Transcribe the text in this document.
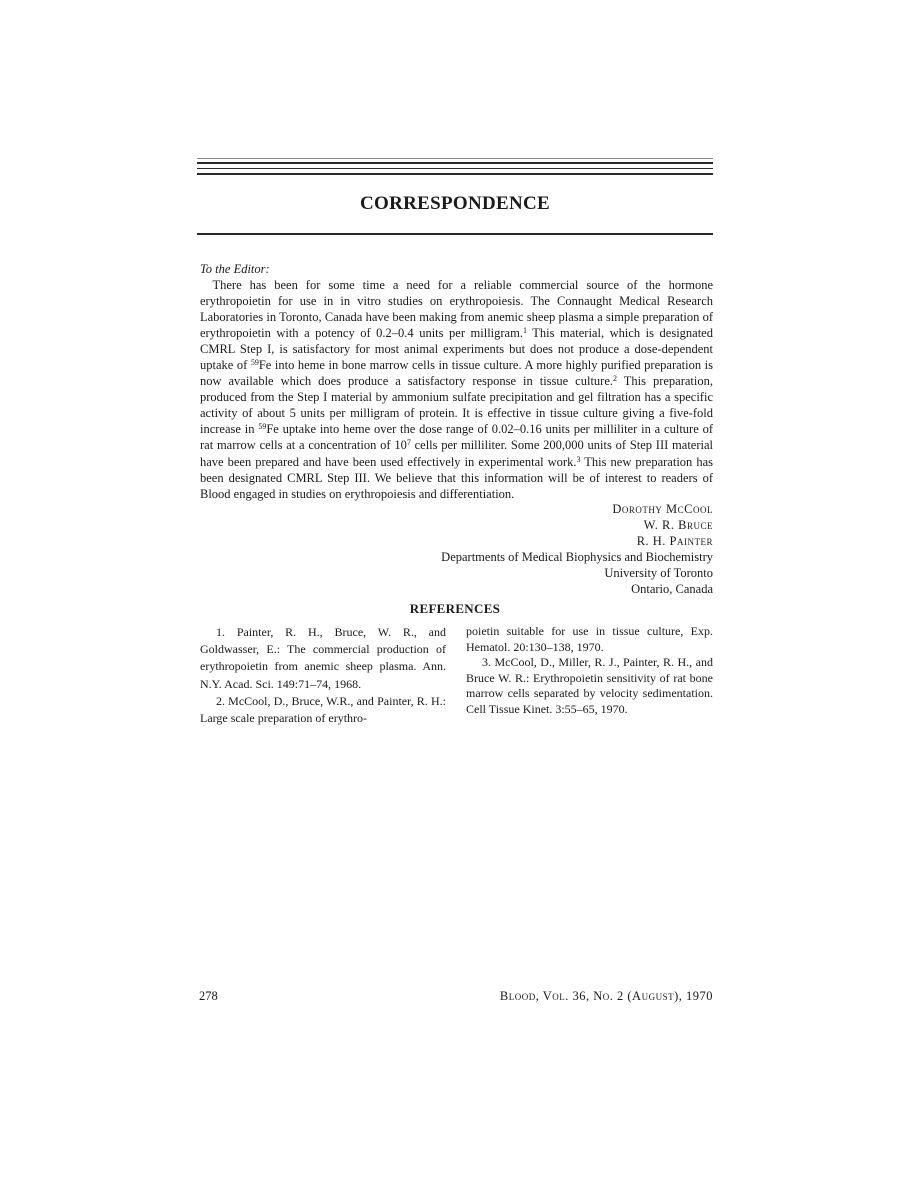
CORRESPONDENCE
To the Editor:

 There has been for some time a need for a reliable commercial source of the hormone erythropoietin for use in in vitro studies on erythropoiesis. The Connaught Medical Research Laboratories in Toronto, Canada have been making from anemic sheep plasma a simple preparation of erythropoietin with a potency of 0.2–0.4 units per milligram.$^1$ This material, which is designated CMRL Step I, is satisfactory for most animal experiments but does not produce a dose-dependent uptake of $^{59}$Fe into heme in bone marrow cells in tissue culture. A more highly purified preparation is now available which does produce a satisfactory response in tissue culture.$^2$ This preparation, produced from the Step I material by ammonium sulfate precipitation and gel filtration has a specific activity of about 5 units per milligram of protein. It is effective in tissue culture giving a five-fold increase in $^{59}$Fe uptake into heme over the dose range of 0.02–0.16 units per milliliter in a culture of rat marrow cells at a concentration of $10^7$ cells per milliliter. Some 200,000 units of Step III material have been prepared and have been used effectively in experimental work.$^3$ This new preparation has been designated CMRL Step III. We believe that this information will be of interest to readers of Blood engaged in studies on erythropoiesis and differentiation.

Dorothy McCool
W. R. Bruce
R. H. Painter
Departments of Medical Biophysics and Biochemistry
University of Toronto
Ontario, Canada
REFERENCES

1. Painter, R. H., Bruce, W. R., and Goldwasser, E.: The commercial production of erythropoietin from anemic sheep plasma. Ann. N.Y. Acad. Sci. 149:71–74, 1968.

2. McCool, D., Bruce, W.R., and Painter, R. H.: Large scale preparation of erythro-

poietin suitable for use in tissue culture, Exp. Hematol. 20:130–138, 1970.

3. McCool, D., Miller, R. J., Painter, R. H., and Bruce W. R.: Erythropoietin sensitivity of rat bone marrow cells separated by velocity sedimentation. Cell Tissue Kinet. 3:55–65, 1970.

278	Blood, Vol. 36, No. 2 (August), 1970
